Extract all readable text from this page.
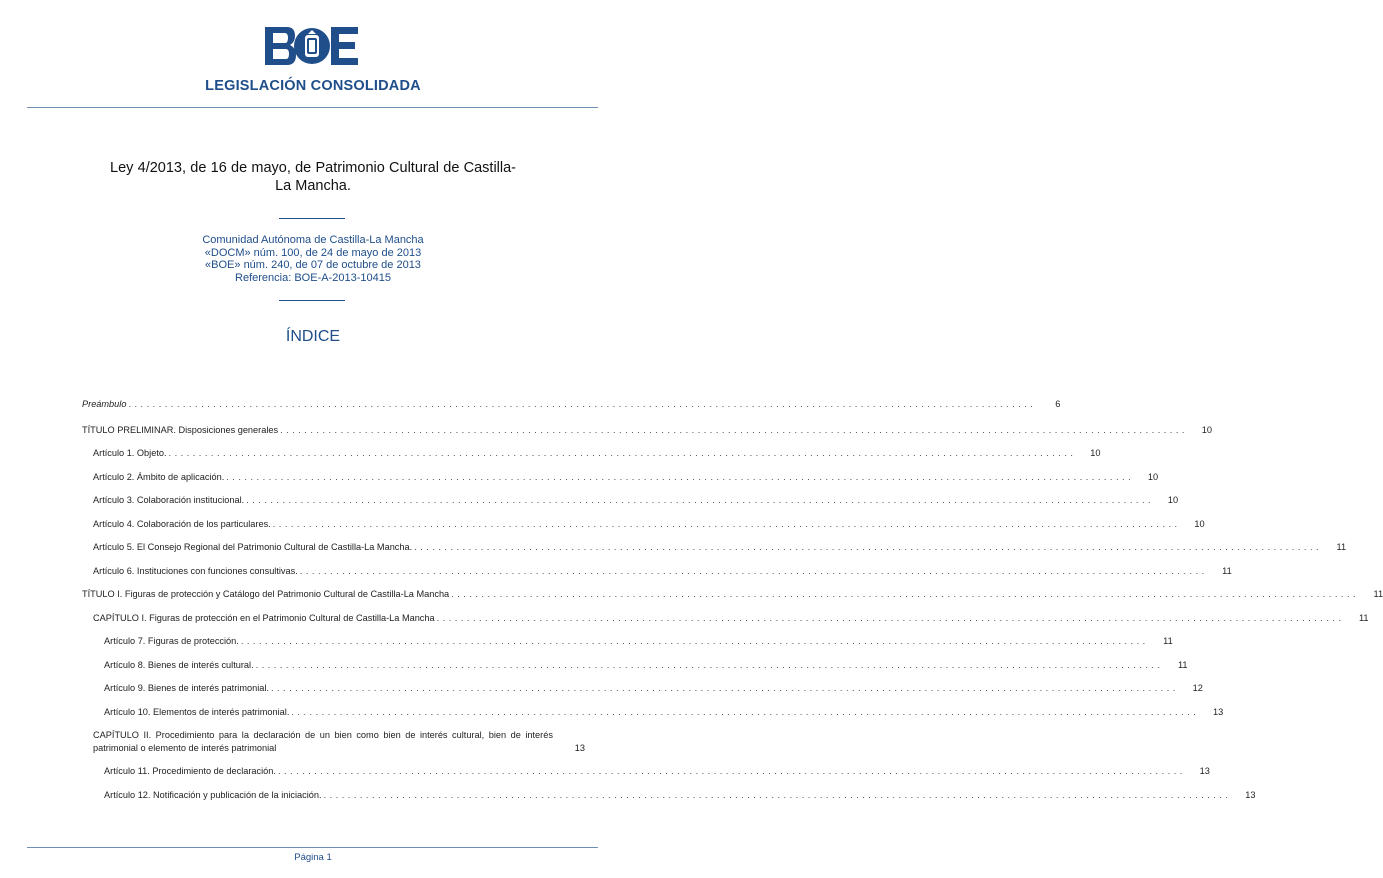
LEGISLACIÓN CONSOLIDADA
Ley 4/2013, de 16 de mayo, de Patrimonio Cultural de Castilla-La Mancha.
Comunidad Autónoma de Castilla-La Mancha
«DOCM» núm. 100, de 24 de mayo de 2013
«BOE» núm. 240, de 07 de octubre de 2013
Referencia: BOE-A-2013-10415
ÍNDICE
Preámbulo ......................................................................................................................................................	6
TÍTULO PRELIMINAR. Disposiciones generales ......................................................................................................................................................	10
Artículo 1. Objeto. ......................................................................................................................................................	10
Artículo 2. Ámbito de aplicación. ......................................................................................................................................................	10
Artículo 3. Colaboración institucional. ......................................................................................................................................................	10
Artículo 4. Colaboración de los particulares. ......................................................................................................................................................	10
Artículo 5. El Consejo Regional del Patrimonio Cultural de Castilla-La Mancha. ......................................................................................................................................................	11
Artículo 6. Instituciones con funciones consultivas. ......................................................................................................................................................	11
TÍTULO I. Figuras de protección y Catálogo del Patrimonio Cultural de Castilla-La Mancha ......................................................................................................................................................	11
CAPÍTULO I. Figuras de protección en el Patrimonio Cultural de Castilla-La Mancha ......................................................................................................................................................	11
Artículo 7. Figuras de protección. ......................................................................................................................................................	11
Artículo 8. Bienes de interés cultural. ......................................................................................................................................................	11
Artículo 9. Bienes de interés patrimonial. ......................................................................................................................................................	12
Artículo 10. Elementos de interés patrimonial. ......................................................................................................................................................	13
CAPÍTULO II. Procedimiento para la declaración de un bien como bien de interés cultural, bien de interés
patrimonial o elemento de interés patrimonial	13
Artículo 11. Procedimiento de declaración. ......................................................................................................................................................	13
Artículo 12. Notificación y publicación de la iniciación. ......................................................................................................................................................	13
Página 1
